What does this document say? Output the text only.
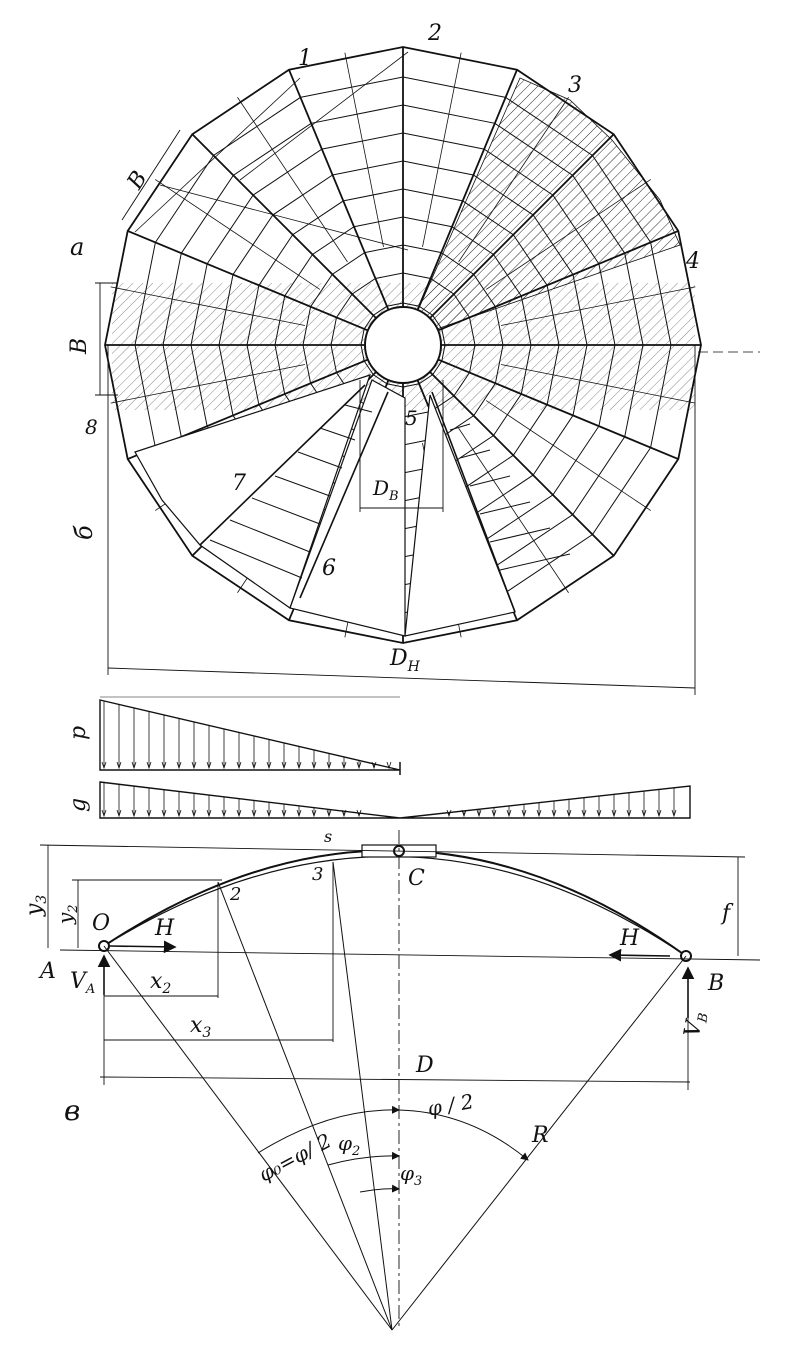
1
2
3
4
5
6
7
8
В
а
В
б
$D_В$
$D_Н$
p
g
s
3
2
C
O
A	B
H	H
$V_A$
$V_B$
$y_3$
$y_2$
$x_2$
$x_3$
f
D
R
φ₀=φ/ 2
φ / 2
$\varphi_2$
$\varphi_3$
в
